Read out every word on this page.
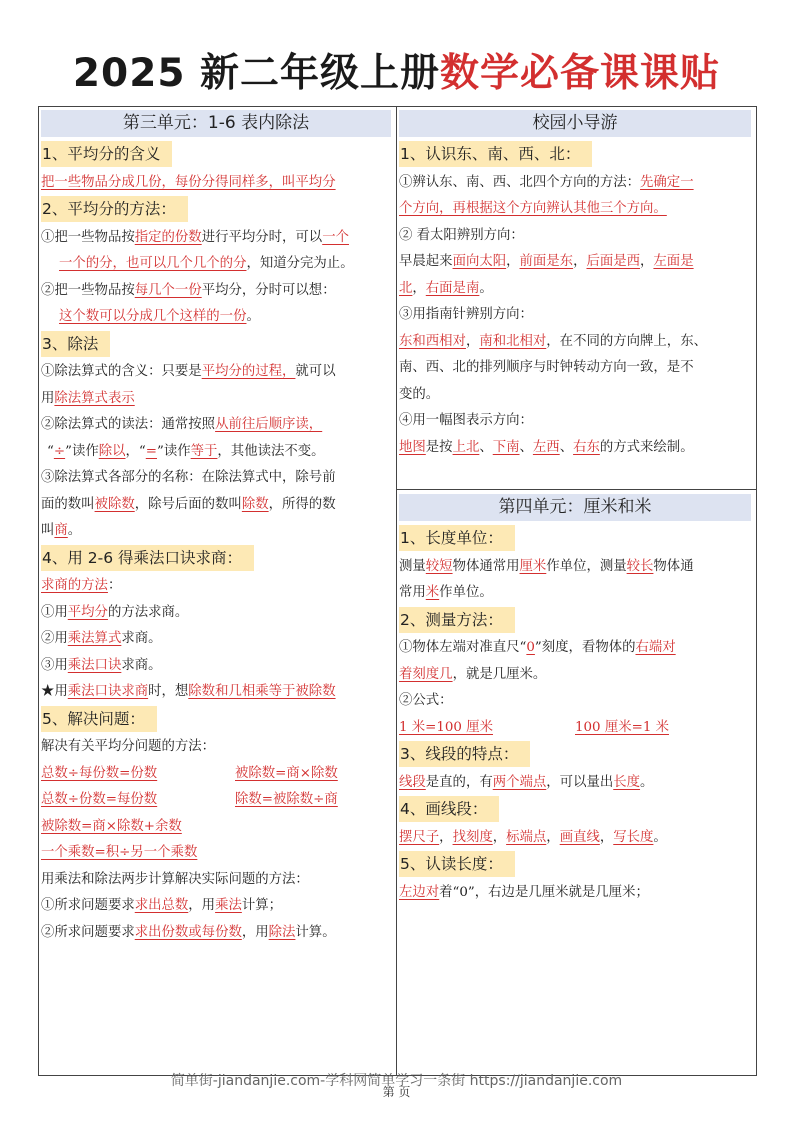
2025 新二年级上册数学必备课课贴
第三单元：1-6 表内除法
1、平均分的含义
把一些物品分成几份，每份分得同样多，叫平均分
2、平均分的方法：
①把一些物品按指定的份数进行平均分时，可以一个
一个的分，也可以几个几个的分，知道分完为止。
②把一些物品按每几个一份平均分，分时可以想：
这个数可以分成几个这样的一份。
3、除法
①除法算式的含义：只要是平均分的过程，就可以
用除法算式表示
②除法算式的读法：通常按照从前往后顺序读，
“÷”读作除以，“=”读作等于，其他读法不变。
③除法算式各部分的名称：在除法算式中，除号前
面的数叫被除数，除号后面的数叫除数，所得的数
叫商。
4、用 2-6 得乘法口诀求商：
求商的方法：
①用平均分的方法求商。
②用乘法算式求商。
③用乘法口诀求商。
★用乘法口诀求商时，想除数和几相乘等于被除数
5、解决问题：
解决有关平均分问题的方法：
总数÷每份数=份数	被除数=商×除数
总数÷份数=每份数	除数=被除数÷商
被除数=商×除数+余数
一个乘数=积÷另一个乘数
用乘法和除法两步计算解决实际问题的方法：
①所求问题要求求出总数，用乘法计算；
②所求问题要求求出份数或每份数，用除法计算。
校园小导游
1、认识东、南、西、北：
①辨认东、南、西、北四个方向的方法：先确定一
个方向，再根据这个方向辨认其他三个方向。
② 看太阳辨别方向：
早晨起来面向太阳，前面是东，后面是西，左面是
北，右面是南。
③用指南针辨别方向：
东和西相对，南和北相对，在不同的方向牌上，东、
南、西、北的排列顺序与时钟转动方向一致，是不
变的。
④用一幅图表示方向：
地图是按上北、下南、左西、右东的方式来绘制。
第四单元：厘米和米
1、长度单位：
测量较短物体通常用厘米作单位，测量较长物体通
常用米作单位。
2、测量方法：
①物体左端对准直尺“0”刻度，看物体的右端对
着刻度几，就是几厘米。
②公式：
1 米=100 厘米	100 厘米=1 米
3、线段的特点：
线段是直的，有两个端点，可以量出长度。
4、画线段：
摆尺子，找刻度，标端点，画直线，写长度。
5、认读长度：
左边对着“0”，右边是几厘米就是几厘米；
简单街-jiandanjie.com-学科网简单学习一条街 https://jiandanjie.com
第 页
